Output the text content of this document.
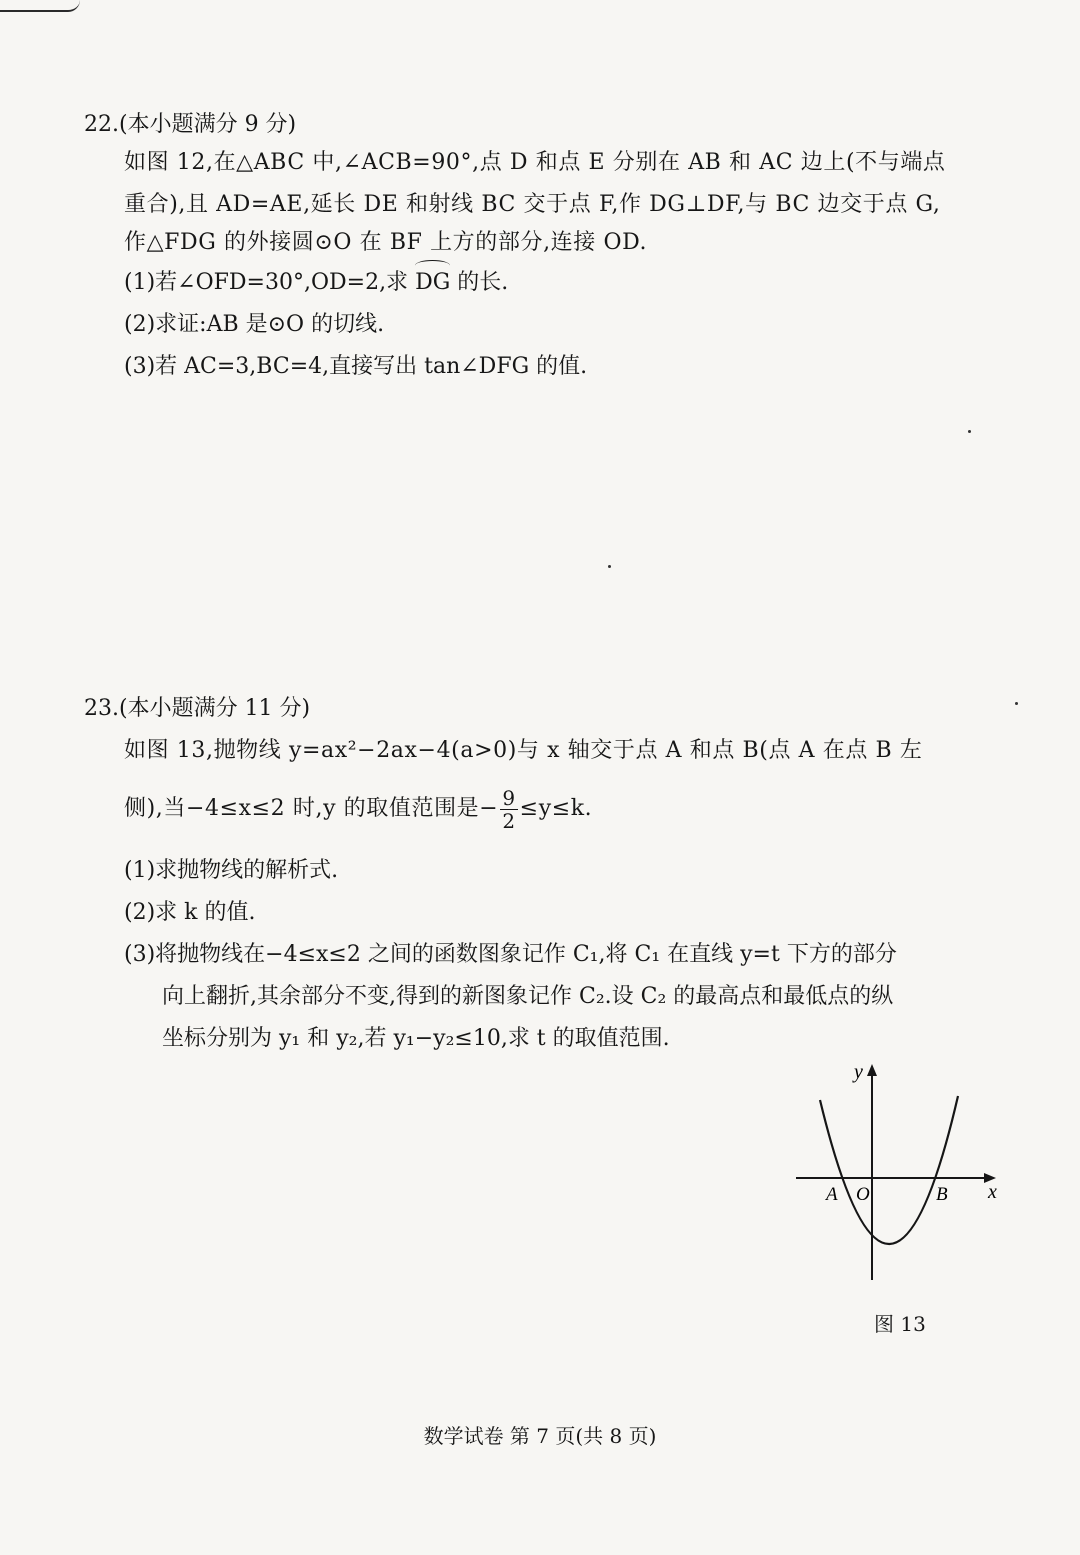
22.(本小题满分 9 分)
如图 12,在△ABC 中,∠ACB=90°,点 D 和点 E 分别在 AB 和 AC 边上(不与端点
重合),且 AD=AE,延长 DE 和射线 BC 交于点 F,作 DG⊥DF,与 BC 边交于点 G,
作△FDG 的外接圆⊙O 在 BF 上方的部分,连接 OD.
(1)若∠OFD=30°,OD=2,求
DG 的长.
(2)求证:AB 是⊙O 的切线.
(3)若 AC=3,BC=4,直接写出 tan∠DFG 的值.
23.(本小题满分 11 分)
如图 13,抛物线 y=ax²−2ax−4(a>0)与 x 轴交于点 A 和点 B(点 A 在点 B 左
侧),当−4≤x≤2 时,y 的取值范围是− $\frac{9}{2} \le y\le k$.
(1)求抛物线的解析式.
(2)求 k 的值.
(3)将抛物线在−4≤x≤2 之间的函数图象记作 C₁,将 C₁ 在直线 y=t 下方的部分
向上翻折,其余部分不变,得到的新图象记作 C₂.设 C₂ 的最高点和最低点的纵
坐标分别为 y₁ 和 y₂,若 y₁−y₂≤10,求 t 的取值范围.
y
x
A O	B
图 13
数学试卷 第 7 页(共 8 页)
